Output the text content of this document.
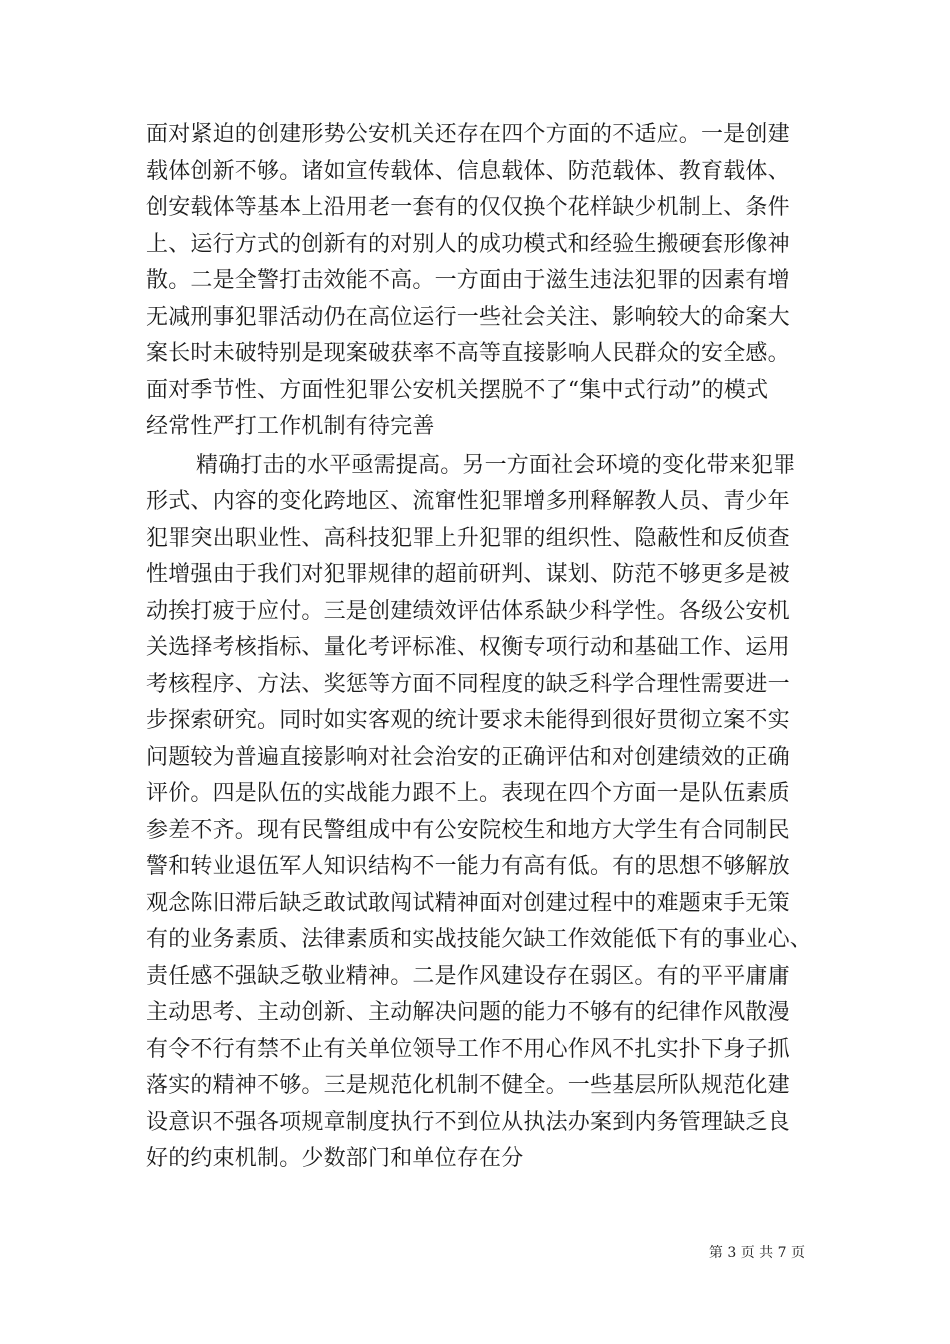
面对紧迫的创建形势公安机关还存在四个方面的不适应。一是创建
载体创新不够。诸如宣传载体、信息载体、防范载体、教育载体、
创安载体等基本上沿用老一套有的仅仅换个花样缺少机制上、条件
上、运行方式的创新有的对别人的成功模式和经验生搬硬套形像神
散。二是全警打击效能不高。一方面由于滋生违法犯罪的因素有增
无减刑事犯罪活动仍在高位运行一些社会关注、影响较大的命案大
案长时未破特别是现案破获率不高等直接影响人民群众的安全感。
面对季节性、方面性犯罪公安机关摆脱不了“集中式行动”的模式
经常性严打工作机制有待完善
精确打击的水平亟需提高。另一方面社会环境的变化带来犯罪
形式、内容的变化跨地区、流窜性犯罪增多刑释解教人员、青少年
犯罪突出职业性、高科技犯罪上升犯罪的组织性、隐蔽性和反侦查
性增强由于我们对犯罪规律的超前研判、谋划、防范不够更多是被
动挨打疲于应付。三是创建绩效评估体系缺少科学性。各级公安机
关选择考核指标、量化考评标准、权衡专项行动和基础工作、运用
考核程序、方法、奖惩等方面不同程度的缺乏科学合理性需要进一
步探索研究。同时如实客观的统计要求未能得到很好贯彻立案不实
问题较为普遍直接影响对社会治安的正确评估和对创建绩效的正确
评价。四是队伍的实战能力跟不上。表现在四个方面一是队伍素质
参差不齐。现有民警组成中有公安院校生和地方大学生有合同制民
警和转业退伍军人知识结构不一能力有高有低。有的思想不够解放
观念陈旧滞后缺乏敢试敢闯试精神面对创建过程中的难题束手无策
有的业务素质、法律素质和实战技能欠缺工作效能低下有的事业心、
责任感不强缺乏敬业精神。二是作风建设存在弱区。有的平平庸庸
主动思考、主动创新、主动解决问题的能力不够有的纪律作风散漫
有令不行有禁不止有关单位领导工作不用心作风不扎实扑下身子抓
落实的精神不够。三是规范化机制不健全。一些基层所队规范化建
设意识不强各项规章制度执行不到位从执法办案到内务管理缺乏良
好的约束机制。少数部门和单位存在分
第 3 页 共 7 页
